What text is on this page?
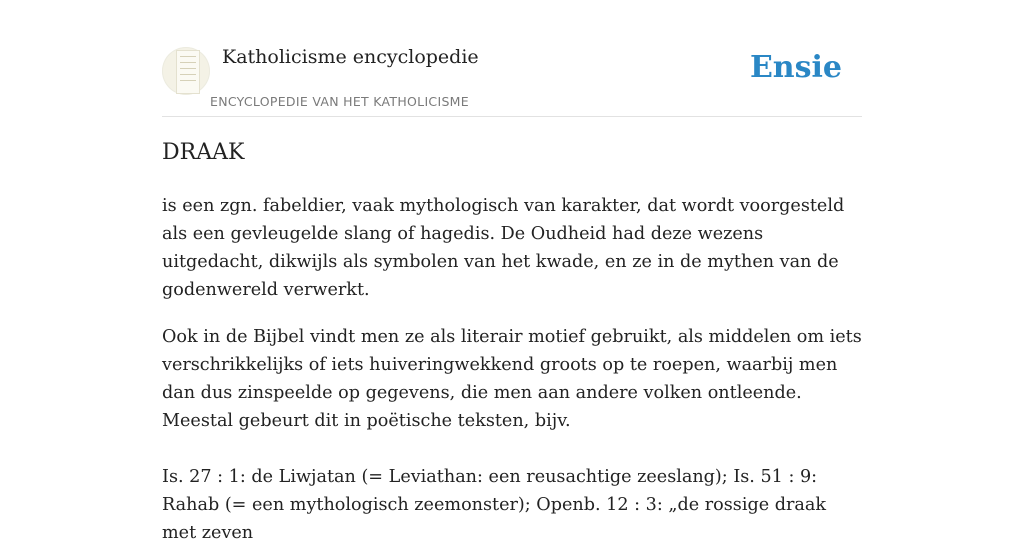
Katholicisme encyclopedie
ENCYCLOPEDIE VAN HET KATHOLICISME
Ensie
DRAAK

is een zgn. fabeldier, vaak mythologisch van karakter, dat wordt voorgesteld als een gevleugelde slang of hagedis. De Oudheid had deze wezens uitgedacht, dikwijls als symbolen van het kwade, en ze in de mythen van de godenwereld verwerkt.

Ook in de Bijbel vindt men ze als literair motief gebruikt, als middelen om iets verschrikkelijks of iets huiveringwekkend groots op te roepen, waarbij men dan dus zinspeelde op gegevens, die men aan andere volken ontleende. Meestal gebeurt dit in poëtische teksten, bijv.

Is. 27 : 1: de Liwjatan (= Leviathan: een reusachtige zeeslang); Is. 51 : 9: Rahab (= een mythologisch zeemonster); Openb. 12 : 3: „de rossige draak met zeven
